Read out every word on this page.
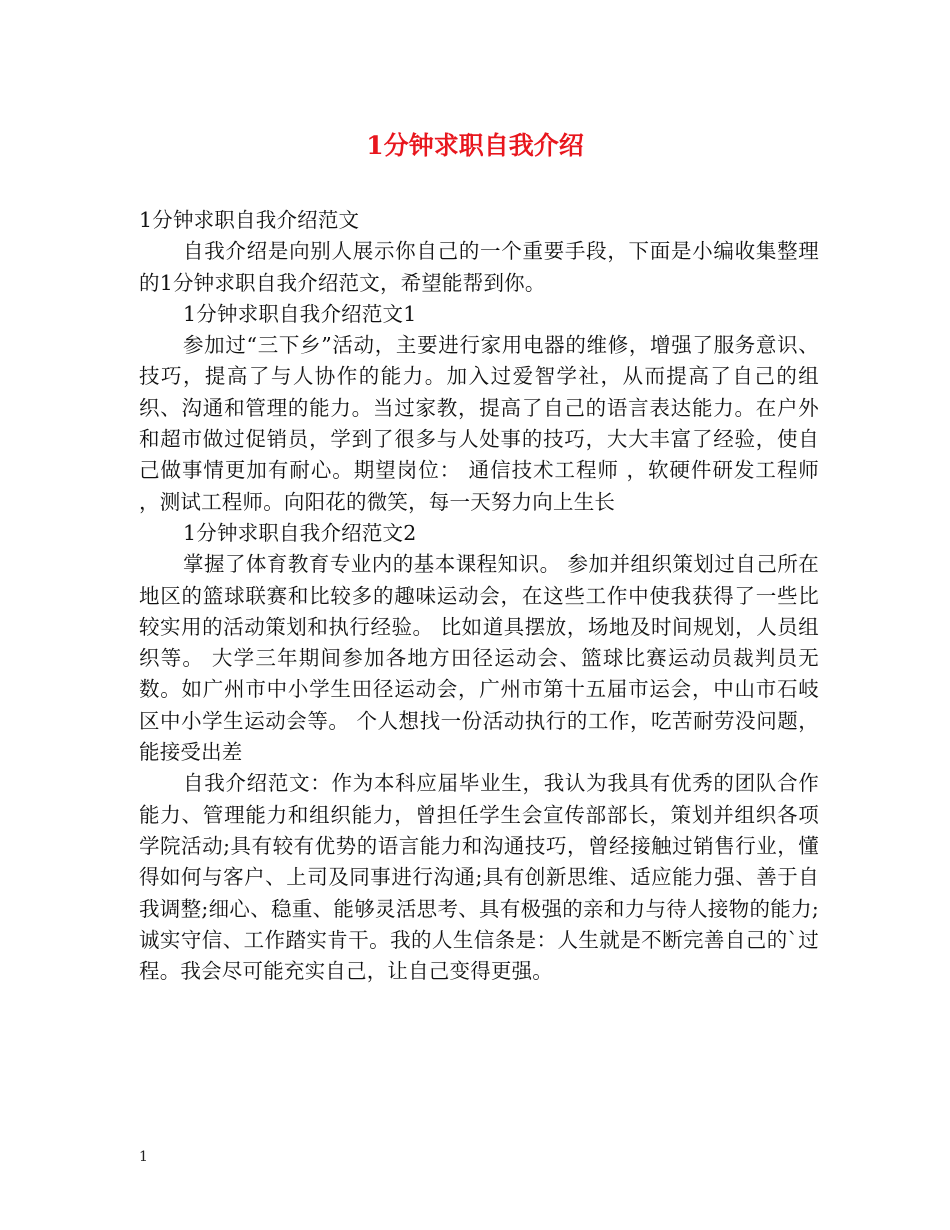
1分钟求职自我介绍

1分钟求职自我介绍范文

自我介绍是向别人展示你自己的一个重要手段，下面是小编收集整理的1分钟求职自我介绍范文，希望能帮到你。

1分钟求职自我介绍范文1

参加过“三下乡”活动，主要进行家用电器的维修，增强了服务意识、技巧，提高了与人协作的能力。加入过爱智学社，从而提高了自己的组织、沟通和管理的能力。当过家教，提高了自己的语言表达能力。在户外和超市做过促销员，学到了很多与人处事的技巧，大大丰富了经验，使自己做事情更加有耐心。期望岗位： 通信技术工程师 ，软硬件研发工程师 ，测试工程师。向阳花的微笑，每一天努力向上生长

1分钟求职自我介绍范文2

掌握了体育教育专业内的基本课程知识。 参加并组织策划过自己所在地区的篮球联赛和比较多的趣味运动会，在这些工作中使我获得了一些比较实用的活动策划和执行经验。 比如道具摆放，场地及时间规划，人员组织等。 大学三年期间参加各地方田径运动会、篮球比赛运动员裁判员无数。如广州市中小学生田径运动会，广州市第十五届市运会，中山市石岐区中小学生运动会等。 个人想找一份活动执行的工作，吃苦耐劳没问题，能接受出差

自我介绍范文：作为本科应届毕业生，我认为我具有优秀的团队合作能力、管理能力和组织能力，曾担任学生会宣传部部长，策划并组织各项学院活动;具有较有优势的语言能力和沟通技巧，曾经接触过销售行业，懂得如何与客户、上司及同事进行沟通;具有创新思维、适应能力强、善于自我调整;细心、稳重、能够灵活思考、具有极强的亲和力与待人接物的能力;诚实守信、工作踏实肯干。我的人生信条是：人生就是不断完善自己的`过程。我会尽可能充实自己，让自己变得更强。

1
